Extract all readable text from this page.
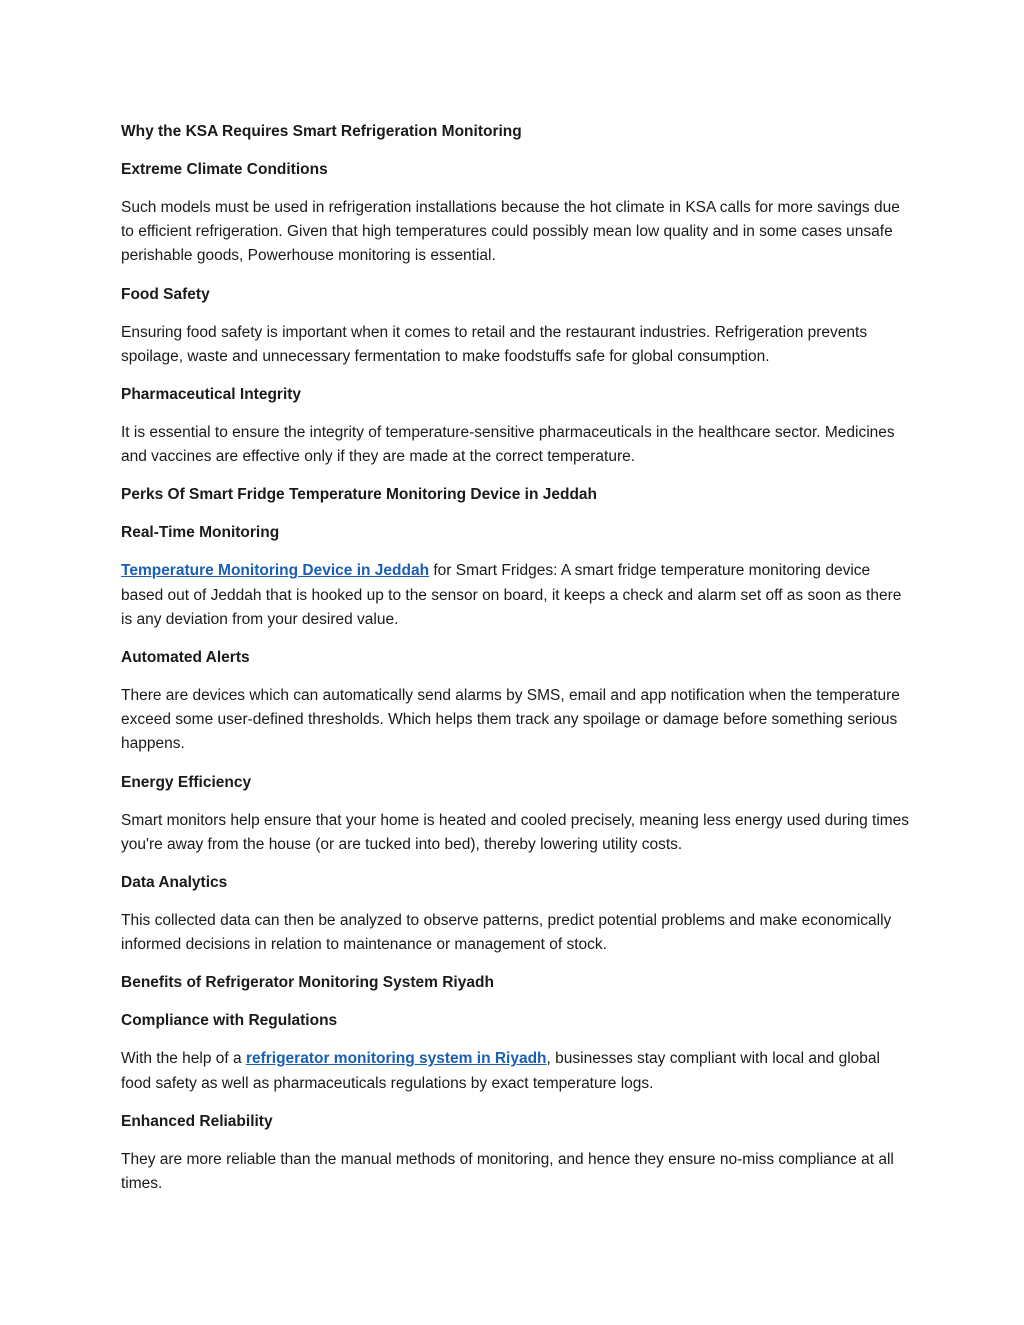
Why the KSA Requires Smart Refrigeration Monitoring
Extreme Climate Conditions

Such models must be used in refrigeration installations because the hot climate in KSA calls for more savings due to efficient refrigeration. Given that high temperatures could possibly mean low quality and in some cases unsafe perishable goods, Powerhouse monitoring is essential.

Food Safety

Ensuring food safety is important when it comes to retail and the restaurant industries. Refrigeration prevents spoilage, waste and unnecessary fermentation to make foodstuffs safe for global consumption.

Pharmaceutical Integrity

It is essential to ensure the integrity of temperature-sensitive pharmaceuticals in the healthcare sector. Medicines and vaccines are effective only if they are made at the correct temperature.

Perks Of Smart Fridge Temperature Monitoring Device in Jeddah
Real-Time Monitoring

Temperature Monitoring Device in Jeddah for Smart Fridges: A smart fridge temperature monitoring device based out of Jeddah that is hooked up to the sensor on board, it keeps a check and alarm set off as soon as there is any deviation from your desired value.

Automated Alerts

There are devices which can automatically send alarms by SMS, email and app notification when the temperature exceed some user-defined thresholds. Which helps them track any spoilage or damage before something serious happens.

Energy Efficiency

Smart monitors help ensure that your home is heated and cooled precisely, meaning less energy used during times you're away from the house (or are tucked into bed), thereby lowering utility costs.

Data Analytics

This collected data can then be analyzed to observe patterns, predict potential problems and make economically informed decisions in relation to maintenance or management of stock.

Benefits of Refrigerator Monitoring System Riyadh
Compliance with Regulations

With the help of a refrigerator monitoring system in Riyadh, businesses stay compliant with local and global food safety as well as pharmaceuticals regulations by exact temperature logs.

Enhanced Reliability

They are more reliable than the manual methods of monitoring, and hence they ensure no-miss compliance at all times.
